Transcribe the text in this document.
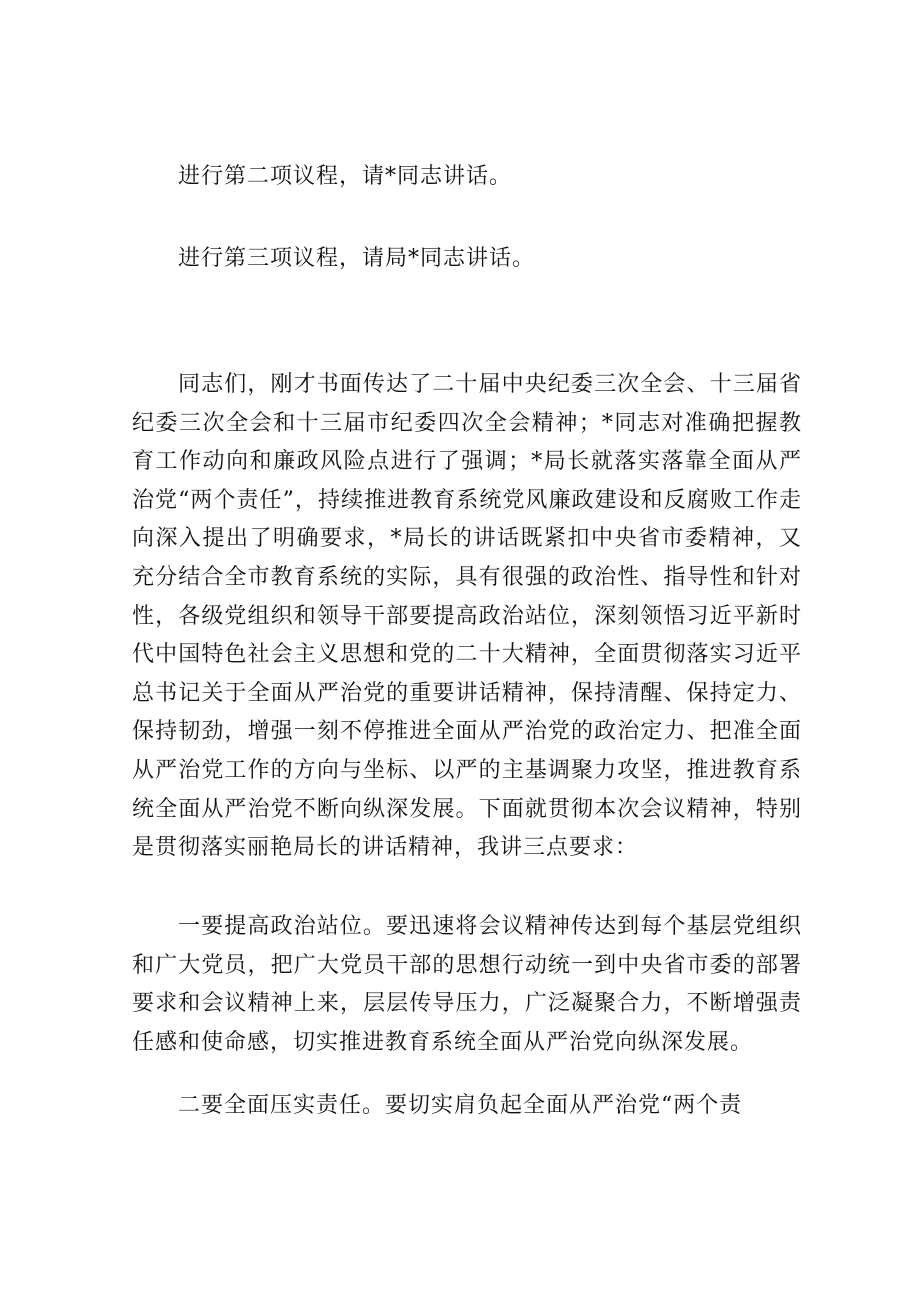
进行第二项议程，请*同志讲话。

进行第三项议程，请局*同志讲话。

同志们，刚才书面传达了二十届中央纪委三次全会、十三届省纪委三次全会和十三届市纪委四次全会精神；*同志对准确把握教育工作动向和廉政风险点进行了强调；*局长就落实落靠全面从严治党“两个责任”，持续推进教育系统党风廉政建设和反腐败工作走向深入提出了明确要求，*局长的讲话既紧扣中央省市委精神，又充分结合全市教育系统的实际，具有很强的政治性、指导性和针对性，各级党组织和领导干部要提高政治站位，深刻领悟习近平新时代中国特色社会主义思想和党的二十大精神，全面贯彻落实习近平总书记关于全面从严治党的重要讲话精神，保持清醒、保持定力、保持韧劲，增强一刻不停推进全面从严治党的政治定力、把准全面从严治党工作的方向与坐标、以严的主基调聚力攻坚，推进教育系统全面从严治党不断向纵深发展。下面就贯彻本次会议精神，特别是贯彻落实丽艳局长的讲话精神，我讲三点要求：

一要提高政治站位。要迅速将会议精神传达到每个基层党组织和广大党员，把广大党员干部的思想行动统一到中央省市委的部署要求和会议精神上来，层层传导压力，广泛凝聚合力，不断增强责任感和使命感，切实推进教育系统全面从严治党向纵深发展。

二要全面压实责任。要切实肩负起全面从严治党“两个责
